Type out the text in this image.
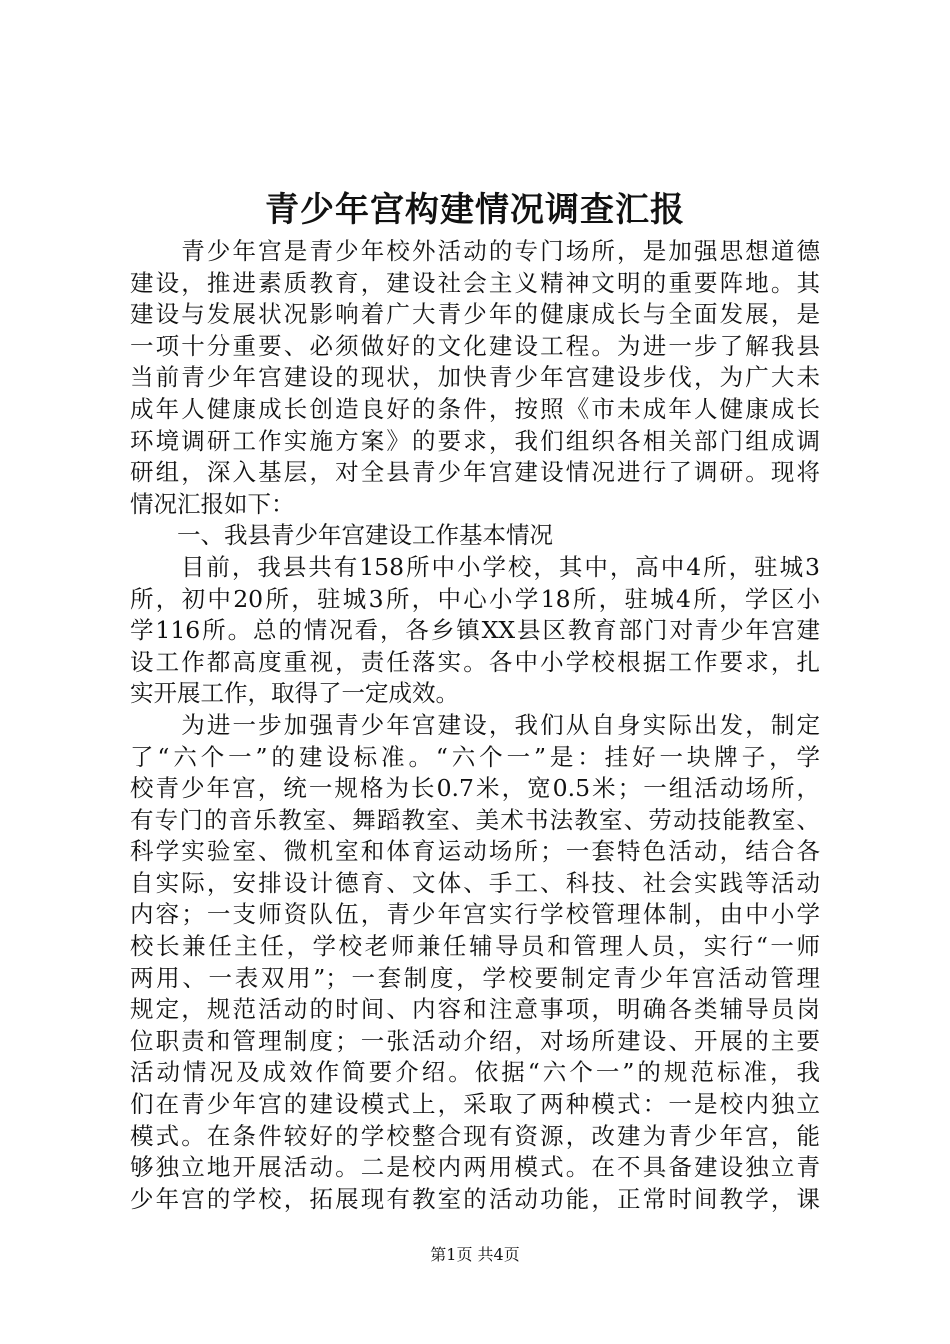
青少年宫构建情况调查汇报
　　青少年宫是青少年校外活动的专门场所，是加强思想道德
建设，推进素质教育，建设社会主义精神文明的重要阵地。其
建设与发展状况影响着广大青少年的健康成长与全面发展，是
一项十分重要、必须做好的文化建设工程。为进一步了解我县
当前青少年宫建设的现状，加快青少年宫建设步伐，为广大未
成年人健康成长创造良好的条件，按照《市未成年人健康成长
环境调研工作实施方案》的要求，我们组织各相关部门组成调
研组，深入基层，对全县青少年宫建设情况进行了调研。现将
情况汇报如下：
　　一、我县青少年宫建设工作基本情况
　　目前，我县共有158所中小学校，其中，高中4所，驻城3
所，初中20所，驻城3所，中心小学18所，驻城4所，学区小
学116所。总的情况看，各乡镇XX县区教育部门对青少年宫建
设工作都高度重视，责任落实。各中小学校根据工作要求，扎
实开展工作，取得了一定成效。
　　为进一步加强青少年宫建设，我们从自身实际出发，制定
了“六个一”的建设标准。“六个一”是：挂好一块牌子，学
校青少年宫，统一规格为长0.7米，宽0.5米；一组活动场所，
有专门的音乐教室、舞蹈教室、美术书法教室、劳动技能教室、
科学实验室、微机室和体育运动场所；一套特色活动，结合各
自实际，安排设计德育、文体、手工、科技、社会实践等活动
内容；一支师资队伍，青少年宫实行学校管理体制，由中小学
校长兼任主任，学校老师兼任辅导员和管理人员，实行“一师
两用、一表双用”；一套制度，学校要制定青少年宫活动管理
规定，规范活动的时间、内容和注意事项，明确各类辅导员岗
位职责和管理制度；一张活动介绍，对场所建设、开展的主要
活动情况及成效作简要介绍。依据“六个一”的规范标准，我
们在青少年宫的建设模式上，采取了两种模式：一是校内独立
模式。在条件较好的学校整合现有资源，改建为青少年宫，能
够独立地开展活动。二是校内两用模式。在不具备建设独立青
少年宫的学校，拓展现有教室的活动功能，正常时间教学，课
第1页 共4页
